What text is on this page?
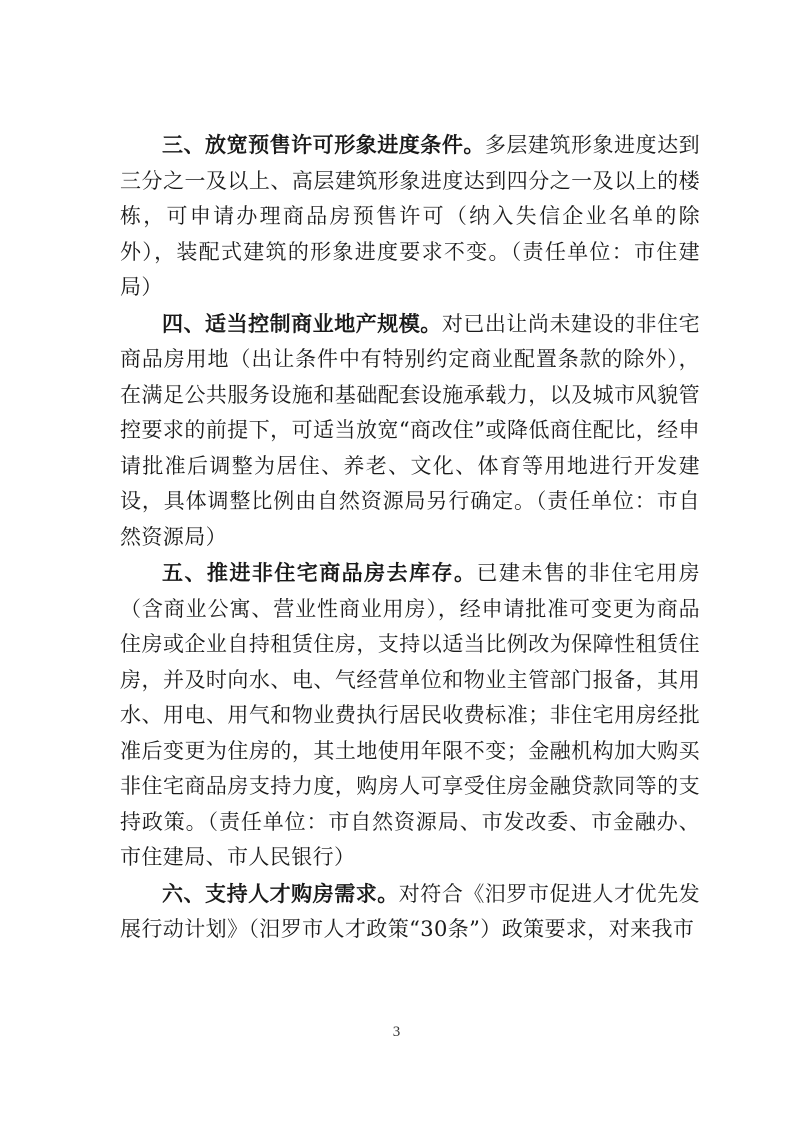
三、放宽预售许可形象进度条件。多层建筑形象进度达到三分之一及以上、高层建筑形象进度达到四分之一及以上的楼栋，可申请办理商品房预售许可（纳入失信企业名单的除外），装配式建筑的形象进度要求不变。（责任单位：市住建局）

四、适当控制商业地产规模。对已出让尚未建设的非住宅商品房用地（出让条件中有特别约定商业配置条款的除外），在满足公共服务设施和基础配套设施承载力，以及城市风貌管控要求的前提下，可适当放宽“商改住”或降低商住配比，经申请批准后调整为居住、养老、文化、体育等用地进行开发建设，具体调整比例由自然资源局另行确定。（责任单位：市自然资源局）

五、推进非住宅商品房去库存。已建未售的非住宅用房（含商业公寓、营业性商业用房），经申请批准可变更为商品住房或企业自持租赁住房，支持以适当比例改为保障性租赁住房，并及时向水、电、气经营单位和物业主管部门报备，其用水、用电、用气和物业费执行居民收费标准；非住宅用房经批准后变更为住房的，其土地使用年限不变；金融机构加大购买非住宅商品房支持力度，购房人可享受住房金融贷款同等的支持政策。（责任单位：市自然资源局、市发改委、市金融办、市住建局、市人民银行）

六、支持人才购房需求。对符合《汨罗市促进人才优先发展行动计划》（汨罗市人才政策“30条”）政策要求，对来我市

3
